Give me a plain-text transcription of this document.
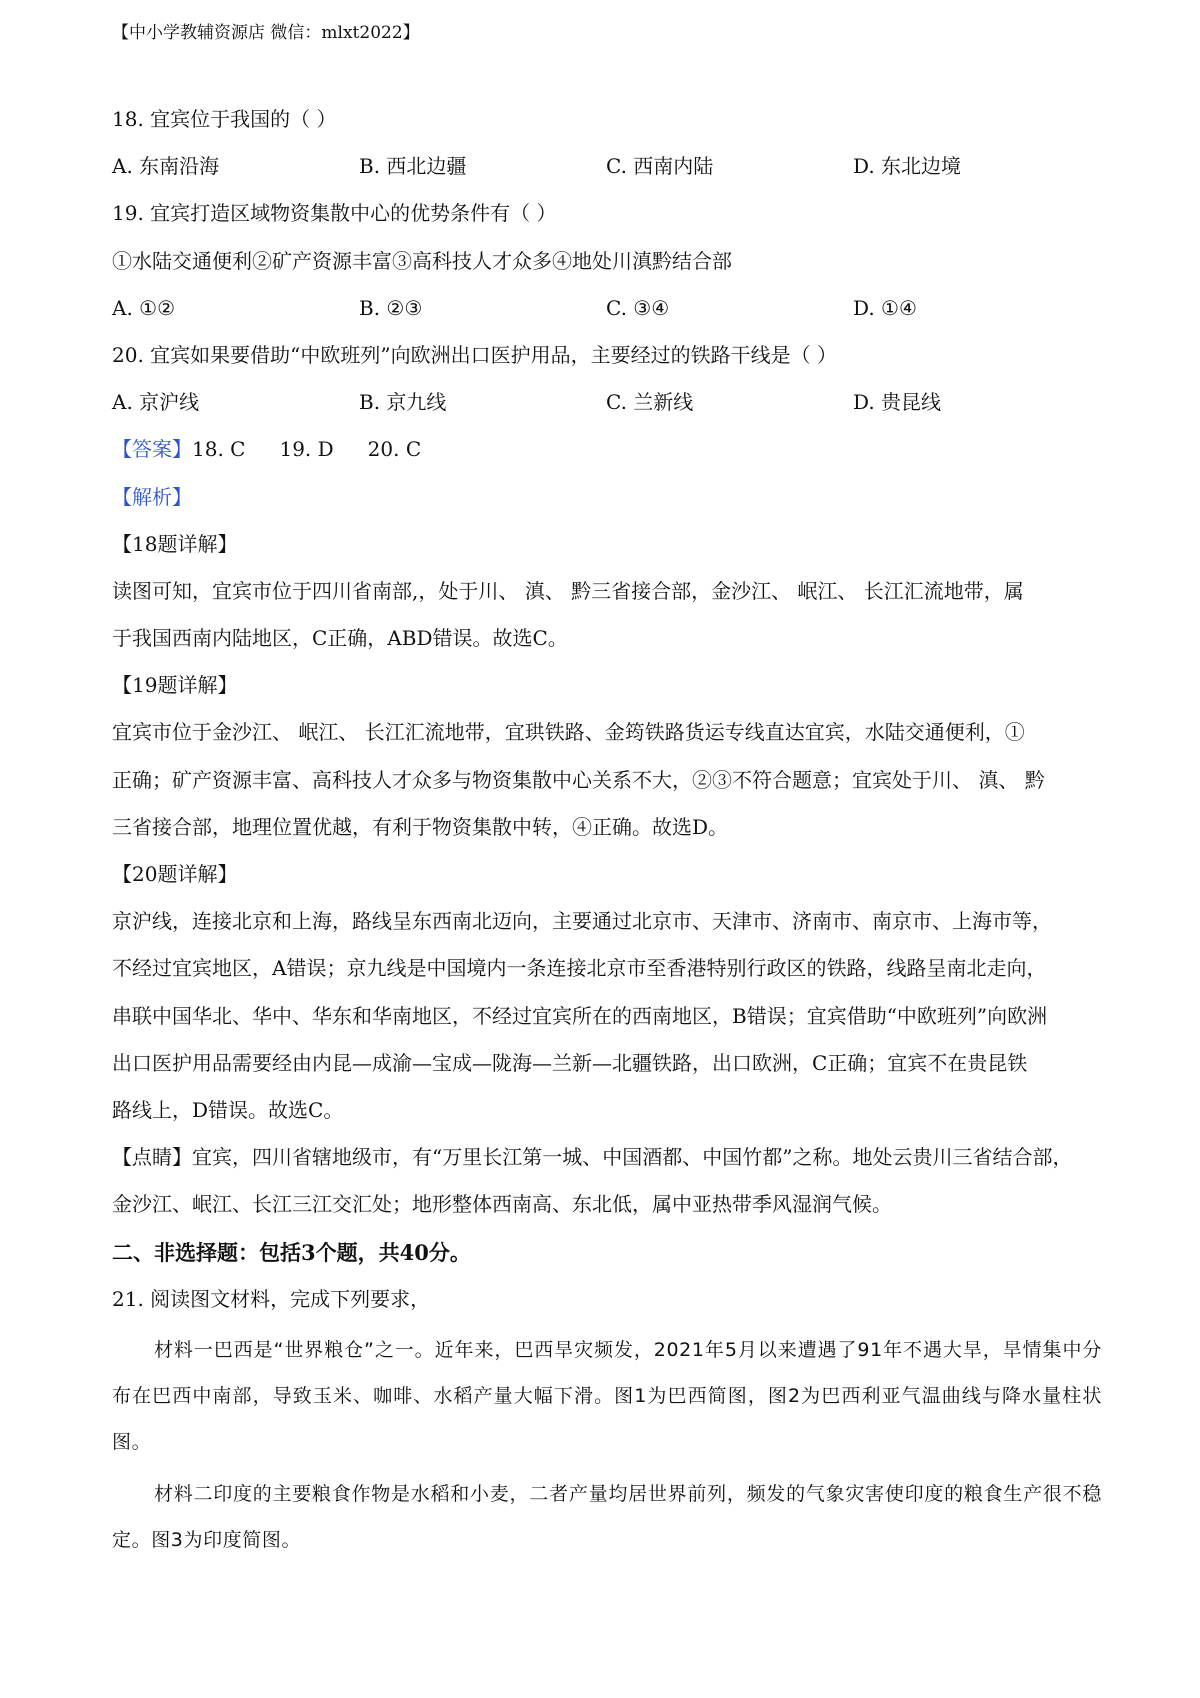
【中小学教辅资源店 微信：mlxt2022】
18. 宜宾位于我国的（ ）
A. 东南沿海	B. 西北边疆	C. 西南内陆	D. 东北边境
19. 宜宾打造区域物资集散中心的优势条件有（ ）
①水陆交通便利②矿产资源丰富③高科技人才众多④地处川滇黔结合部
A. ①②	B. ②③	C. ③④	D. ①④
20. 宜宾如果要借助“中欧班列”向欧洲出口医护用品，主要经过的铁路干线是（ ）
A. 京沪线	B. 京九线	C. 兰新线	D. 贵昆线
【答案】18. C 19. D 20. C
【解析】
【18题详解】
读图可知，宜宾市位于四川省南部,，处于川、 滇、 黔三省接合部，金沙江、 岷江、 长江汇流地带，属
于我国西南内陆地区，C正确，ABD错误。故选C。
【19题详解】
宜宾市位于金沙江、 岷江、 长江汇流地带，宜珙铁路、金筠铁路货运专线直达宜宾，水陆交通便利，①
正确；矿产资源丰富、高科技人才众多与物资集散中心关系不大，②③不符合题意；宜宾处于川、 滇、 黔
三省接合部，地理位置优越，有利于物资集散中转，④正确。故选D。
【20题详解】
京沪线，连接北京和上海，路线呈东西南北迈向，主要通过北京市、天津市、济南市、南京市、上海市等，
不经过宜宾地区，A错误；京九线是中国境内一条连接北京市至香港特别行政区的铁路，线路呈南北走向，
串联中国华北、华中、华东和华南地区，不经过宜宾所在的西南地区，B错误；宜宾借助“中欧班列”向欧洲
出口医护用品需要经由内昆—成渝—宝成—陇海—兰新—北疆铁路，出口欧洲，C正确；宜宾不在贵昆铁
路线上，D错误。故选C。
【点睛】宜宾，四川省辖地级市，有“万里长江第一城、中国酒都、中国竹都”之称。地处云贵川三省结合部，
金沙江、岷江、长江三江交汇处；地形整体西南高、东北低，属中亚热带季风湿润气候。
二、非选择题：包括3个题，共40分。
21. 阅读图文材料，完成下列要求，
材料一巴西是“世界粮仓”之一。近年来，巴西旱灾频发，2021年5月以来遭遇了91年不遇大旱，旱情集中分布在巴西中南部，导致玉米、咖啡、水稻产量大幅下滑。图1为巴西简图，图2为巴西利亚气温曲线与降水量柱状图。
材料二印度的主要粮食作物是水稻和小麦，二者产量均居世界前列，频发的气象灾害使印度的粮食生产很不稳定。图3为印度简图。
